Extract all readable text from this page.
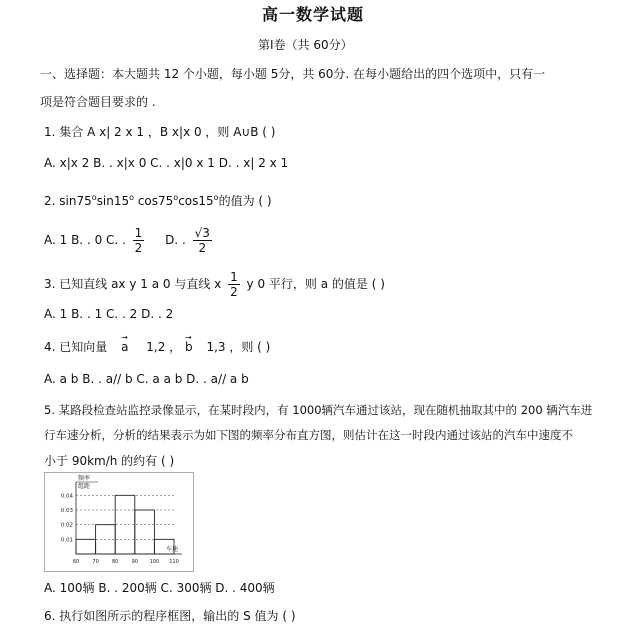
高一数学试题
第Ⅰ卷（共 60分）
一、选择题：本大题共 12 个小题，每小题 5分，共 60分. 在每小题给出的四个选项中，只有一
项是符合题目要求的 .
1. 集合 A x| 2 x 1 ，B x|x 0 ，则 A∪B ( )
A. x|x 2 B. . x|x 0 C. . x|0 x 1 D. . x| 2 x 1
2. sin75$^o$sin15$^o$ cos75$^o$cos15$^o$的值为 ( )
A. 1 B. . 0 C. . $\frac{1}{2} D$. . $\frac{√3}{2}$
3. 已知直线 ax y 1 a 0 与直线 x $\frac{1}{2}$ y 0 平行，则 a 的值是 ( )
A. 1 B. . 1 C. . 2 D. . 2
4. 已知向量 → a 1,2 ， → b 1,3 ，则 ( )
A. a b B. . a// b C. a a b D. . a// a b
5. 某路段检查站监控录像显示，在某时段内，有 1000辆汽车通过该站，现在随机抽取其中的 200 辆汽车进
行车速分析，分析的结果表示为如下图的频率分布直方图，则估计在这一时段内通过该站的汽车中速度不
小于 90km/h 的约有 ( )
0.04
0.03
0.02
0.01
60	70	80	90 100 110
频率
组距
车速
A. 100辆 B. . 200辆 C. 300辆 D. . 400辆
6. 执行如图所示的程序框图，输出的 S 值为 ( )
